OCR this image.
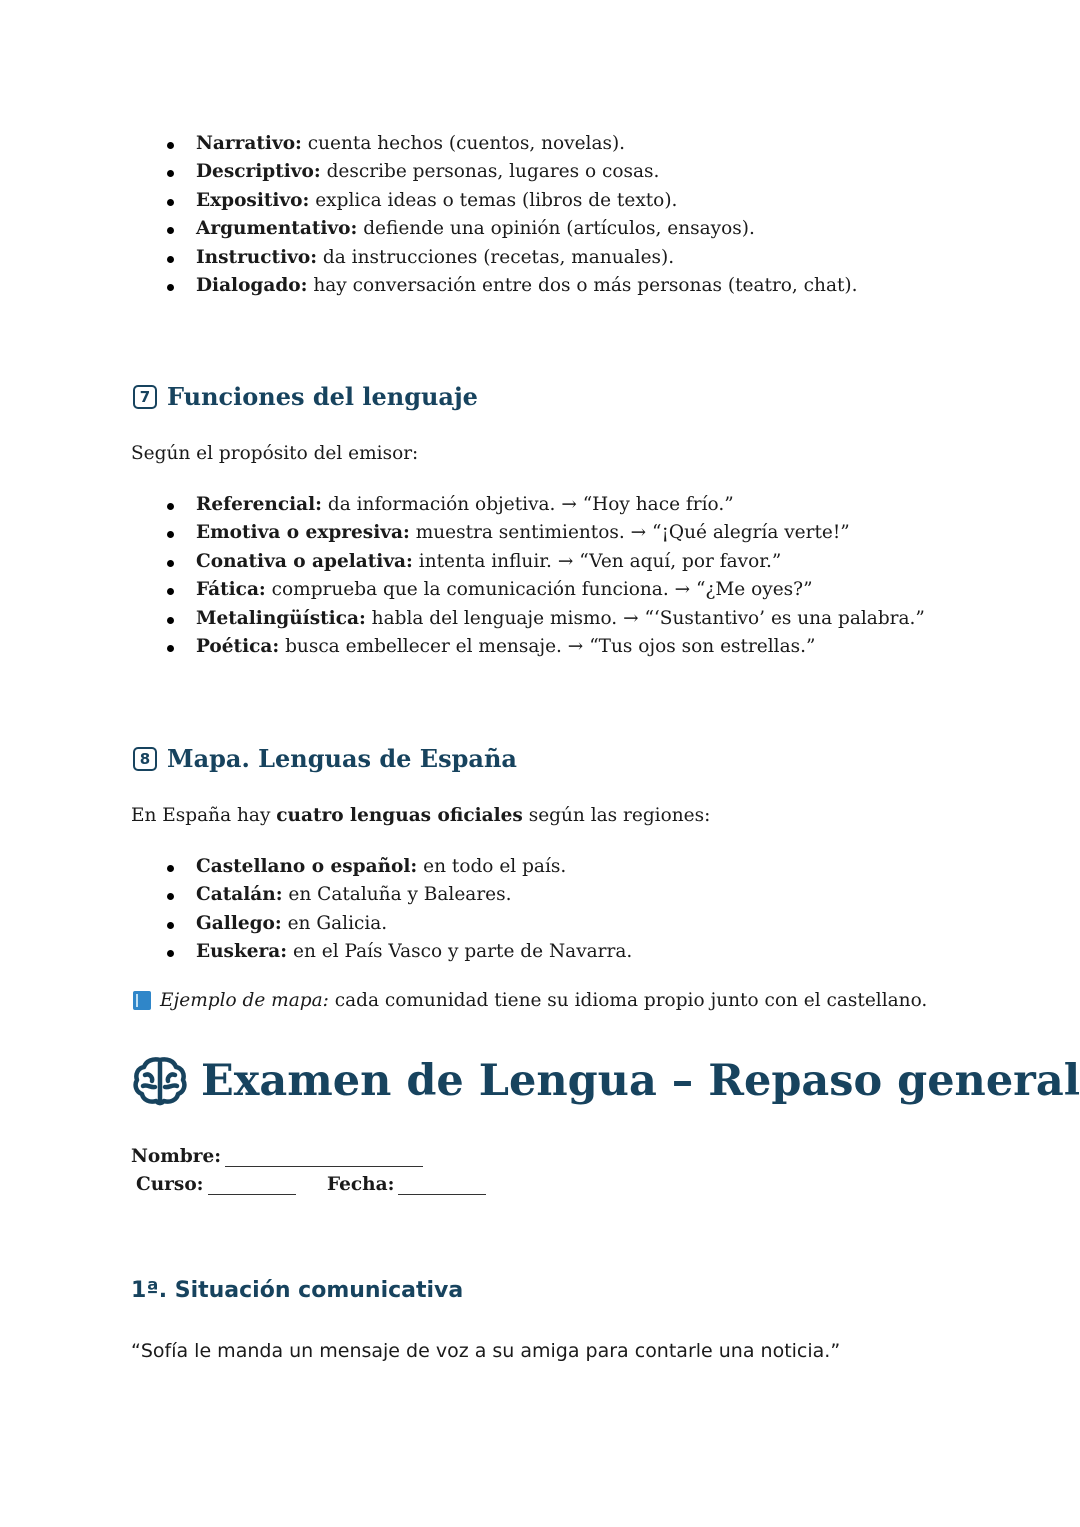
Narrativo: cuenta hechos (cuentos, novelas).
Descriptivo: describe personas, lugares o cosas.
Expositivo: explica ideas o temas (libros de texto).
Argumentativo: defiende una opinión (artículos, ensayos).
Instructivo: da instrucciones (recetas, manuales).
Dialogado: hay conversación entre dos o más personas (teatro, chat).
7 Funciones del lenguaje
Según el propósito del emisor:
Referencial: da información objetiva. → “Hoy hace frío.”
Emotiva o expresiva: muestra sentimientos. → “¡Qué alegría verte!”
Conativa o apelativa: intenta influir. → “Ven aquí, por favor.”
Fática: comprueba que la comunicación funciona. → “¿Me oyes?”
Metalingüística: habla del lenguaje mismo. → “‘Sustantivo’ es una palabra.”
Poética: busca embellecer el mensaje. → “Tus ojos son estrellas.”
8 Mapa. Lenguas de España
En España hay cuatro lenguas oficiales según las regiones:
Castellano o español: en todo el país.
Catalán: en Cataluña y Baleares.
Gallego: en Galicia.
Euskera: en el País Vasco y parte de Navarra.
Ejemplo de mapa: cada comunidad tiene su idioma propio junto con el castellano.
Examen de Lengua – Repaso general
Nombre:
Curso:	Fecha:
1ª. Situación comunicativa
“Sofía le manda un mensaje de voz a su amiga para contarle una noticia.”
